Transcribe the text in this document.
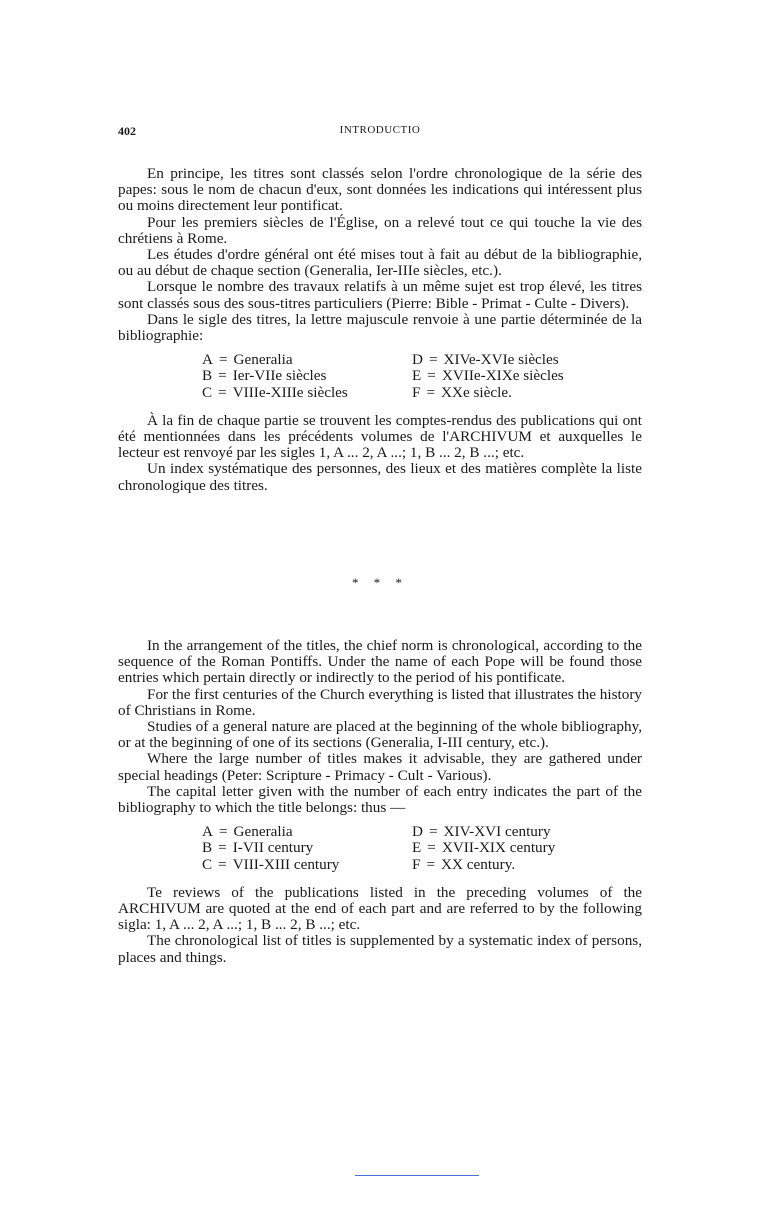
402	INTRODUCTIO

En principe, les titres sont classés selon l'ordre chronologique de la série des papes: sous le nom de chacun d'eux, sont données les indications qui intéressent plus ou moins directement leur pontificat.

Pour les premiers siècles de l'Église, on a relevé tout ce qui touche la vie des chrétiens à Rome.

Les études d'ordre général ont été mises tout à fait au début de la bibliographie, ou au début de chaque section (Generalia, Ier-IIIe siècles, etc.).

Lorsque le nombre des travaux relatifs à un même sujet est trop élevé, les titres sont classés sous des sous-titres particuliers (Pierre: Bible - Primat - Culte - Divers).

Dans le sigle des titres, la lettre majuscule renvoie à une partie déterminée de la bibliographie:

A = Generalia
B = Ier-VIIe siècles
C = VIIIe-XIIIe siècles
D = XIVe-XVIe siècles
E = XVIIe-XIXe siècles
F = XXe siècle.

À la fin de chaque partie se trouvent les comptes-rendus des publications qui ont été mentionnées dans les précédents volumes de l'ARCHIVUM et auxquelles le lecteur est renvoyé par les sigles 1, A ... 2, A ...; 1, B ... 2, B ...; etc.

Un index systématique des personnes, des lieux et des matières complète la liste chronologique des titres.

* * *

In the arrangement of the titles, the chief norm is chronological, according to the sequence of the Roman Pontiffs. Under the name of each Pope will be found those entries which pertain directly or indirectly to the period of his pontificate.

For the first centuries of the Church everything is listed that illustrates the history of Christians in Rome.

Studies of a general nature are placed at the beginning of the whole bibliography, or at the beginning of one of its sections (Generalia, I-III century, etc.).

Where the large number of titles makes it advisable, they are gathered under special headings (Peter: Scripture - Primacy - Cult - Various).

The capital letter given with the number of each entry indicates the part of the bibliography to which the title belongs: thus —

A = Generalia
B = I-VII century
C = VIII-XIII century
D = XIV-XVI century
E = XVII-XIX century
F = XX century.

Te reviews of the publications listed in the preceding volumes of the ARCHIVUM are quoted at the end of each part and are referred to by the following sigla: 1, A ... 2, A ...; 1, B ... 2, B ...; etc.

The chronological list of titles is supplemented by a systematic index of persons, places and things.
